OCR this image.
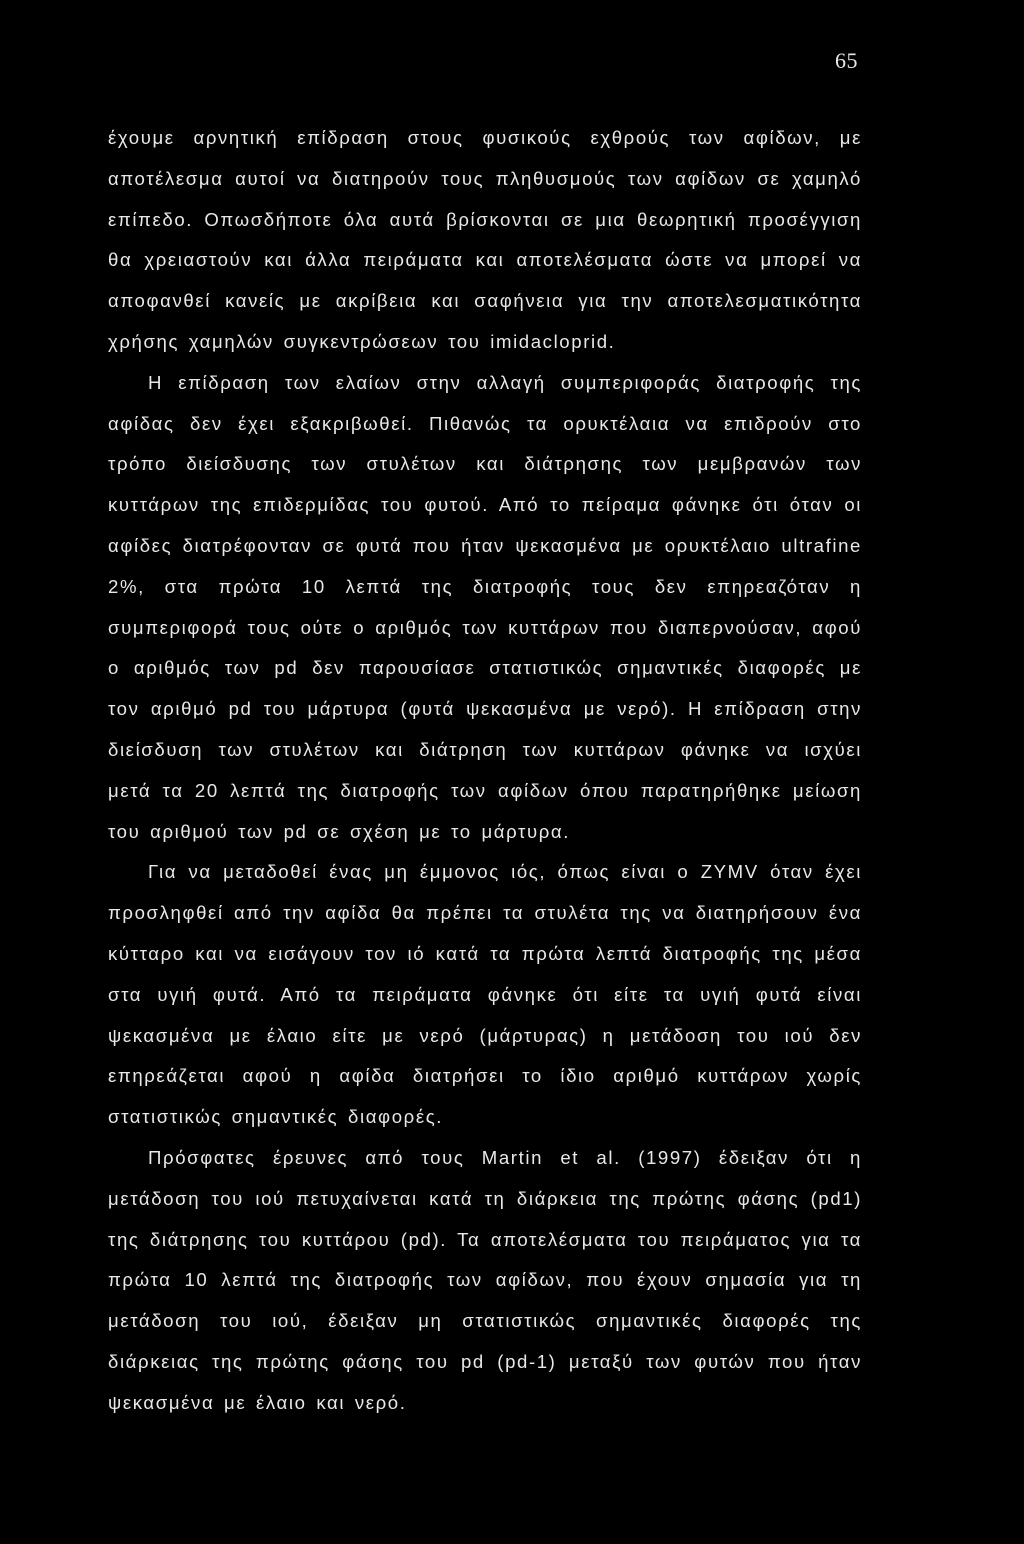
65

έχουμε αρνητική επίδραση στους φυσικούς εχθρούς των αφίδων, με αποτέλεσμα αυτοί να διατηρούν τους πληθυσμούς των αφίδων σε χαμηλό επίπεδο. Οπωσδήποτε όλα αυτά βρίσκονται σε μια θεωρητική προσέγγιση θα χρειαστούν και άλλα πειράματα και αποτελέσματα ώστε να μπορεί να αποφανθεί κανείς με ακρίβεια και σαφήνεια για την αποτελεσματικότητα χρήσης χαμηλών συγκεντρώσεων του imidacloprid.

Η επίδραση των ελαίων στην αλλαγή συμπεριφοράς διατροφής της αφίδας δεν έχει εξακριβωθεί. Πιθανώς τα ορυκτέλαια να επιδρούν στο τρόπο διείσδυσης των στυλέτων και διάτρησης των μεμβρανών των κυττάρων της επιδερμίδας του φυτού. Από το πείραμα φάνηκε ότι όταν οι αφίδες διατρέφονταν σε φυτά που ήταν ψεκασμένα με ορυκτέλαιο ultrafine 2%, στα πρώτα 10 λεπτά της διατροφής τους δεν επηρεαζόταν η συμπεριφορά τους ούτε ο αριθμός των κυττάρων που διαπερνούσαν, αφού ο αριθμός των pd δεν παρουσίασε στατιστικώς σημαντικές διαφορές με τον αριθμό pd του μάρτυρα (φυτά ψεκασμένα με νερό). Η επίδραση στην διείσδυση των στυλέτων και διάτρηση των κυττάρων φάνηκε να ισχύει μετά τα 20 λεπτά της διατροφής των αφίδων όπου παρατηρήθηκε μείωση του αριθμού των pd σε σχέση με το μάρτυρα.

Για να μεταδοθεί ένας μη έμμονος ιός, όπως είναι ο ZYMV όταν έχει προσληφθεί από την αφίδα θα πρέπει τα στυλέτα της να διατηρήσουν ένα κύτταρο και να εισάγουν τον ιό κατά τα πρώτα λεπτά διατροφής της μέσα στα υγιή φυτά. Από τα πειράματα φάνηκε ότι είτε τα υγιή φυτά είναι ψεκασμένα με έλαιο είτε με νερό (μάρτυρας) η μετάδοση του ιού δεν επηρεάζεται αφού η αφίδα διατρήσει το ίδιο αριθμό κυττάρων χωρίς στατιστικώς σημαντικές διαφορές.

Πρόσφατες έρευνες από τους Martin et al. (1997) έδειξαν ότι η μετάδοση του ιού πετυχαίνεται κατά τη διάρκεια της πρώτης φάσης (pd1) της διάτρησης του κυττάρου (pd). Τα αποτελέσματα του πειράματος για τα πρώτα 10 λεπτά της διατροφής των αφίδων, που έχουν σημασία για τη μετάδοση του ιού, έδειξαν μη στατιστικώς σημαντικές διαφορές της διάρκειας της πρώτης φάσης του pd (pd-1) μεταξύ των φυτών που ήταν ψεκασμένα με έλαιο και νερό.
